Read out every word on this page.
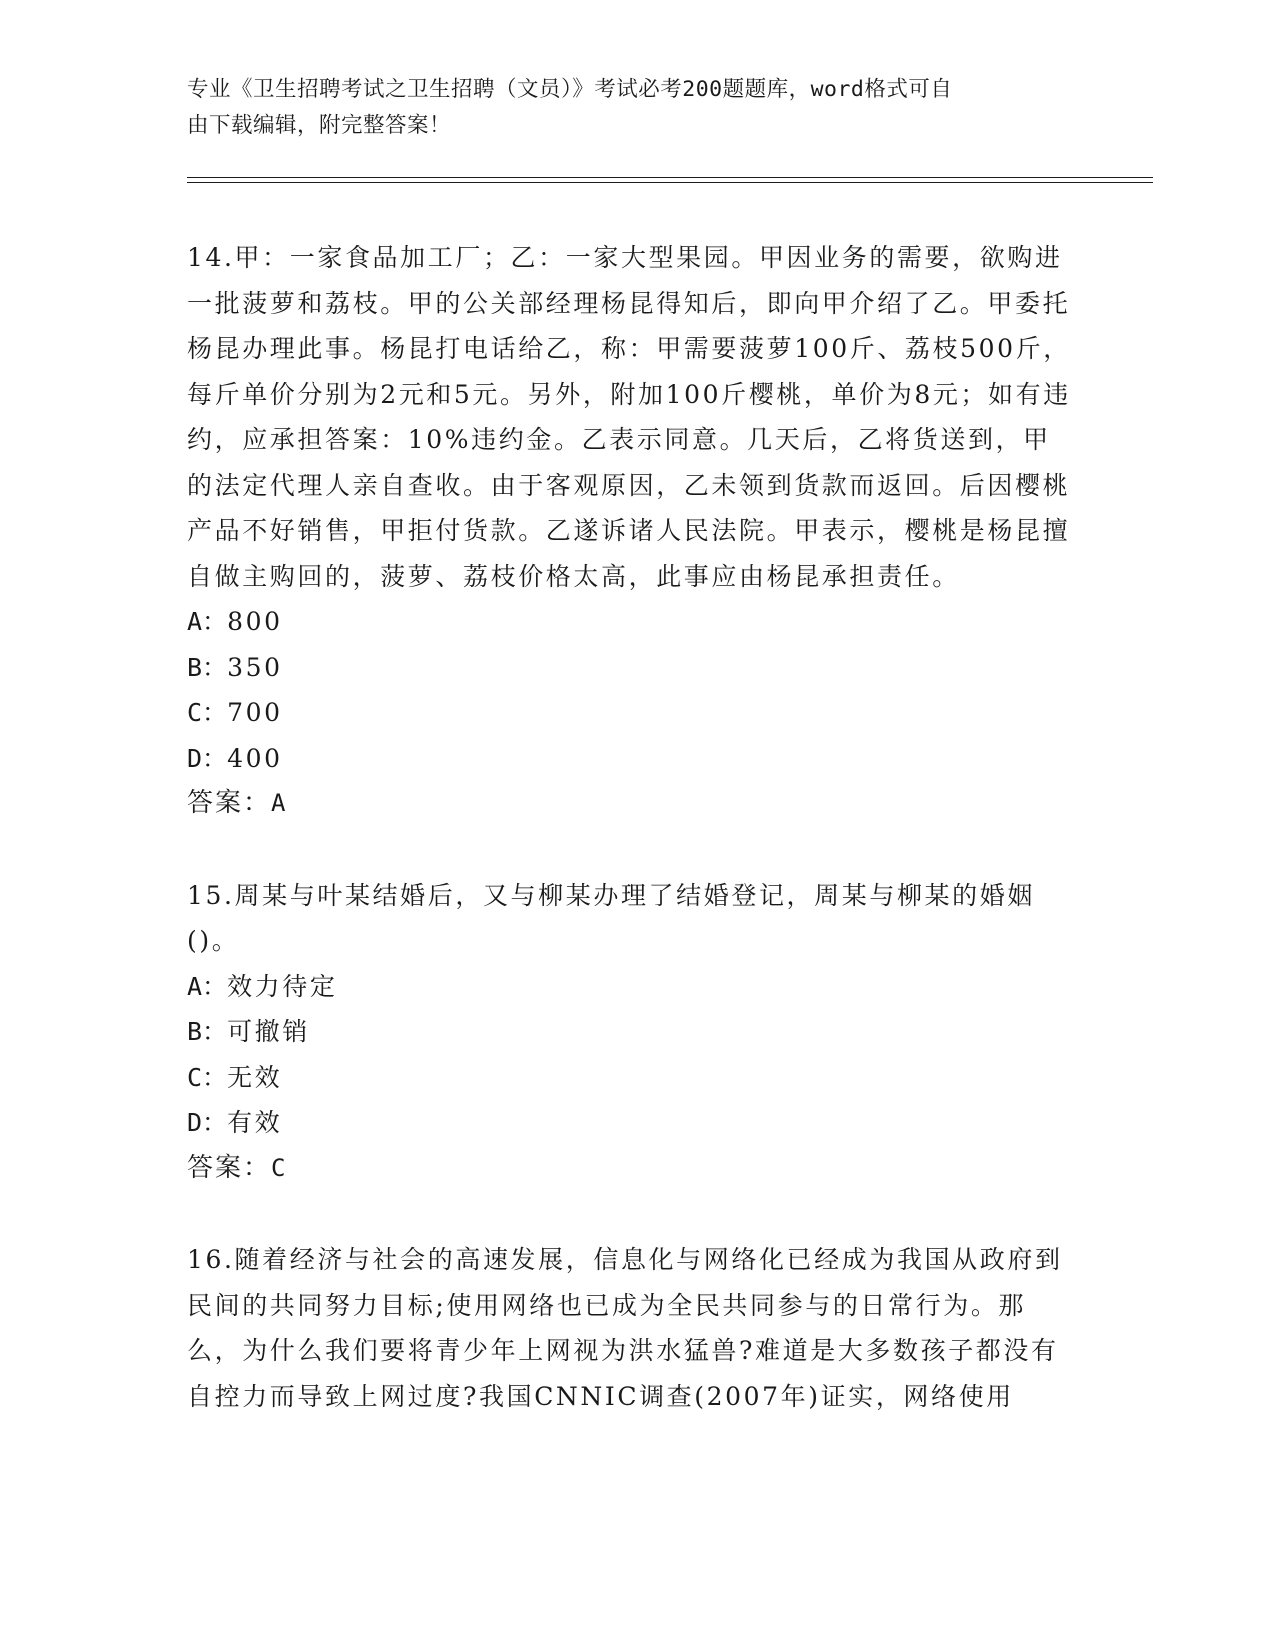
专业《卫生招聘考试之卫生招聘（文员）》考试必考200题题库，word格式可自
由下载编辑，附完整答案！
14.甲：一家食品加工厂；乙：一家大型果园。甲因业务的需要，欲购进一批菠萝和荔枝。甲的公关部经理杨昆得知后，即向甲介绍了乙。甲委托杨昆办理此事。杨昆打电话给乙，称：甲需要菠萝100斤、荔枝500斤，每斤单价分别为2元和5元。另外，附加100斤樱桃，单价为8元；如有违约，应承担答案：10%违约金。乙表示同意。几天后，乙将货送到，甲的法定代理人亲自查收。由于客观原因，乙未领到货款而返回。后因樱桃产品不好销售，甲拒付货款。乙遂诉诸人民法院。甲表示，樱桃是杨昆擅自做主购回的，菠萝、荔枝价格太高，此事应由杨昆承担责任。
A：800
B：350
C：700
D：400
答案：A
15.周某与叶某结婚后，又与柳某办理了结婚登记，周某与柳某的婚姻()。
A：效力待定
B：可撤销
C：无效
D：有效
答案：C
16.随着经济与社会的高速发展，信息化与网络化已经成为我国从政府到民间的共同努力目标;使用网络也已成为全民共同参与的日常行为。那么，为什么我们要将青少年上网视为洪水猛兽?难道是大多数孩子都没有自控力而导致上网过度?我国CNNIC调查(2007年)证实，网络使用
